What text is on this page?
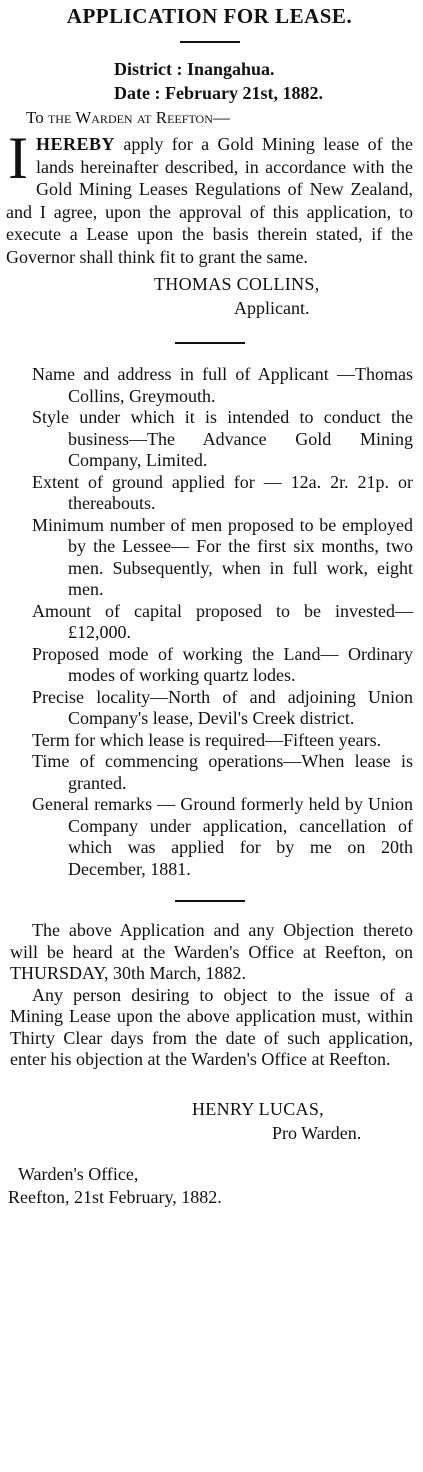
APPLICATION FOR LEASE.
District : Inangahua.
Date : February 21st, 1882.
To the Warden at Reefton—
IHEREBY apply for a Gold Mining lease of the lands hereinafter described, in accordance with the Gold Mining Leases Regulations of New Zealand, and I agree, upon the approval of this application, to execute a Lease upon the basis therein stated, if the Governor shall think fit to grant the same.
THOMAS COLLINS,
Applicant.

Name and address in full of Applicant —Thomas Collins, Greymouth.

Style under which it is intended to conduct the business—The Advance Gold Mining Company, Limited.

Extent of ground applied for — 12a. 2r. 21p. or thereabouts.

Minimum number of men proposed to be employed by the Lessee— For the first six months, two men. Subsequently, when in full work, eight men.

Amount of capital proposed to be invested—£12,000.

Proposed mode of working the Land— Ordinary modes of working quartz lodes.

Precise locality—North of and adjoining Union Company's lease, Devil's Creek district.

Term for which lease is required—Fifteen years.

Time of commencing operations—When lease is granted.

General remarks — Ground formerly held by Union Company under application, cancellation of which was applied for by me on 20th December, 1881.

The above Application and any Objection thereto will be heard at the Warden's Office at Reefton, on THURSDAY, 30th March, 1882.

Any person desiring to object to the issue of a Mining Lease upon the above application must, within Thirty Clear days from the date of such application, enter his objection at the Warden's Office at Reefton.

HENRY LUCAS,
Pro Warden.
Warden's Office,
Reefton, 21st February, 1882.
